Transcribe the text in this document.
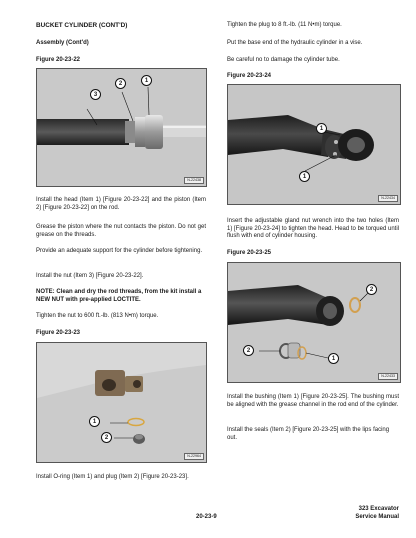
BUCKET CYLINDER (CONT'D)
Assembly (Cont'd)
Figure 20-23-22
2	1
3
N-22438
Install the head (Item 1) [Figure 20-23-22] and the piston (Item 2) [Figure 20-23-22] on the rod.
Grease the piston where the nut contacts the piston. Do not get grease on the threads.
Provide an adequate support for the cylinder before tightening.
Install the nut (Item 3) [Figure 20-23-22].
NOTE: Clean and dry the rod threads, from the kit install a NEW NUT with pre-applied LOCTITE.
Tighten the nut to 600 ft.-lb. (813 N•m) torque.
Figure 20-23-23
1
2
N-22964
Install O-ring (Item 1) and plug (Item 2) [Figure 20-23-23].
Tighten the plug to 8 ft.-lb. (11 N•m) torque.
Put the base end of the hydraulic cylinder in a vise.
Be careful no to damage the cylinder tube.
Figure 20-23-24
1
1
N-22434
Insert the adjustable gland nut wrench into the two holes (Item 1) [Figure 20-23-24] to tighten the head. Head to be torqued until flush with end of cylinder housing.
Figure 20-23-25
2
2
1
N-22433
Install the bushing (Item 1) [Figure 20-23-25]. The bushing must be aligned with the grease channel in the rod end of the cylinder.
Install the seals (Item 2) [Figure 20-23-25] with the lips facing out.
20-23-9
323 Excavator
Service Manual
